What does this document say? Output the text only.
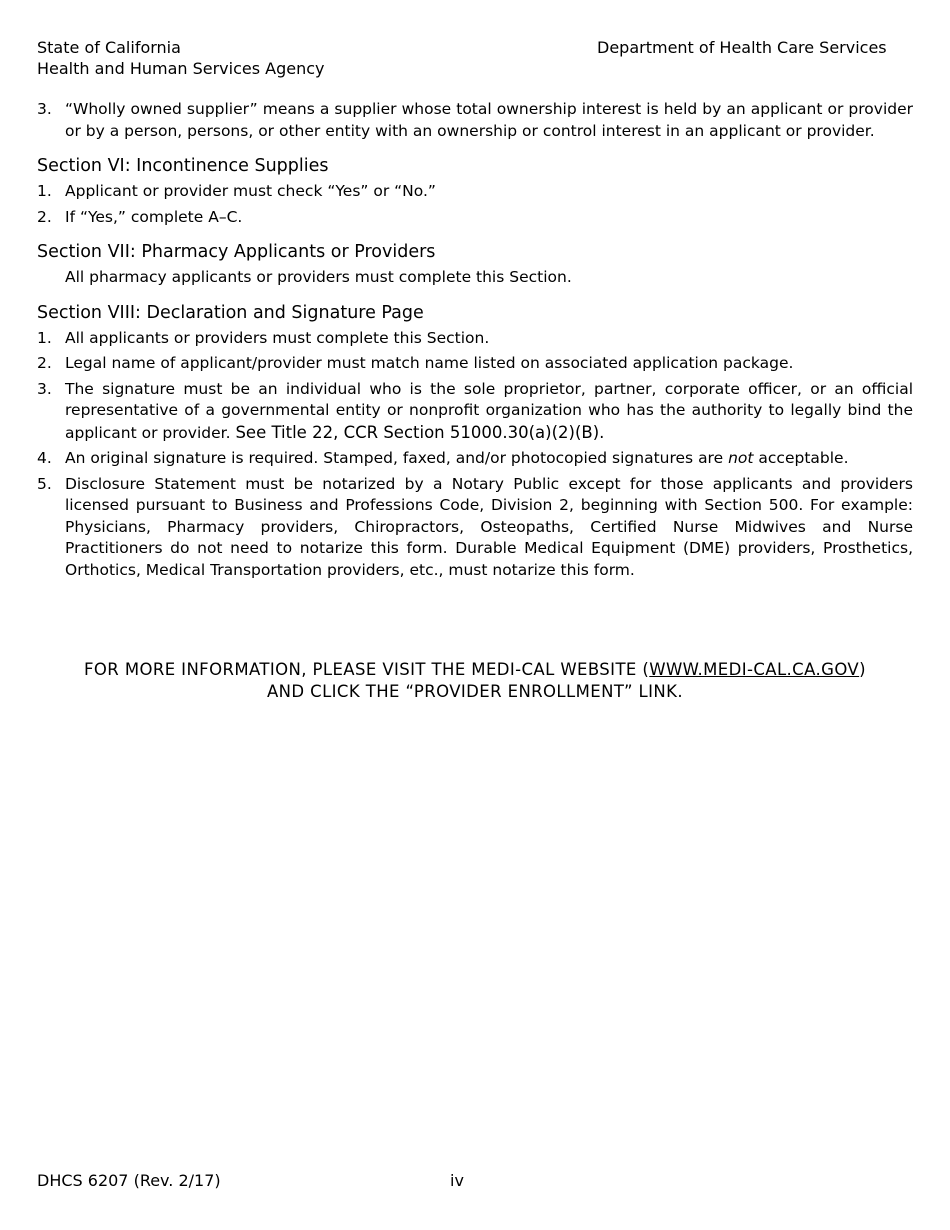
State of California
Health and Human Services Agency
Department of Health Care Services
3. “Wholly owned supplier” means a supplier whose total ownership interest is held by an applicant or provider or by a person, persons, or other entity with an ownership or control interest in an applicant or provider.
Section VI: Incontinence Supplies
1. Applicant or provider must check “Yes” or “No.”
2. If “Yes,” complete A–C.
Section VII: Pharmacy Applicants or Providers
All pharmacy applicants or providers must complete this Section.
Section VIII: Declaration and Signature Page
1. All applicants or providers must complete this Section.
2. Legal name of applicant/provider must match name listed on associated application package.
3. The signature must be an individual who is the sole proprietor, partner, corporate officer, or an official representative of a governmental entity or nonprofit organization who has the authority to legally bind the applicant or provider. See Title 22, CCR Section 51000.30(a)(2)(B).
4. An original signature is required. Stamped, faxed, and/or photocopied signatures are not acceptable.
5. Disclosure Statement must be notarized by a Notary Public except for those applicants and providers licensed pursuant to Business and Professions Code, Division 2, beginning with Section 500. For example: Physicians, Pharmacy providers, Chiropractors, Osteopaths, Certified Nurse Midwives and Nurse Practitioners do not need to notarize this form. Durable Medical Equipment (DME) providers, Prosthetics, Orthotics, Medical Transportation providers, etc., must notarize this form.
FOR MORE INFORMATION, PLEASE VISIT THE MEDI-CAL WEBSITE (WWW.MEDI-CAL.CA.GOV)
AND CLICK THE “PROVIDER ENROLLMENT” LINK.
DHCS 6207 (Rev. 2/17)	iv
